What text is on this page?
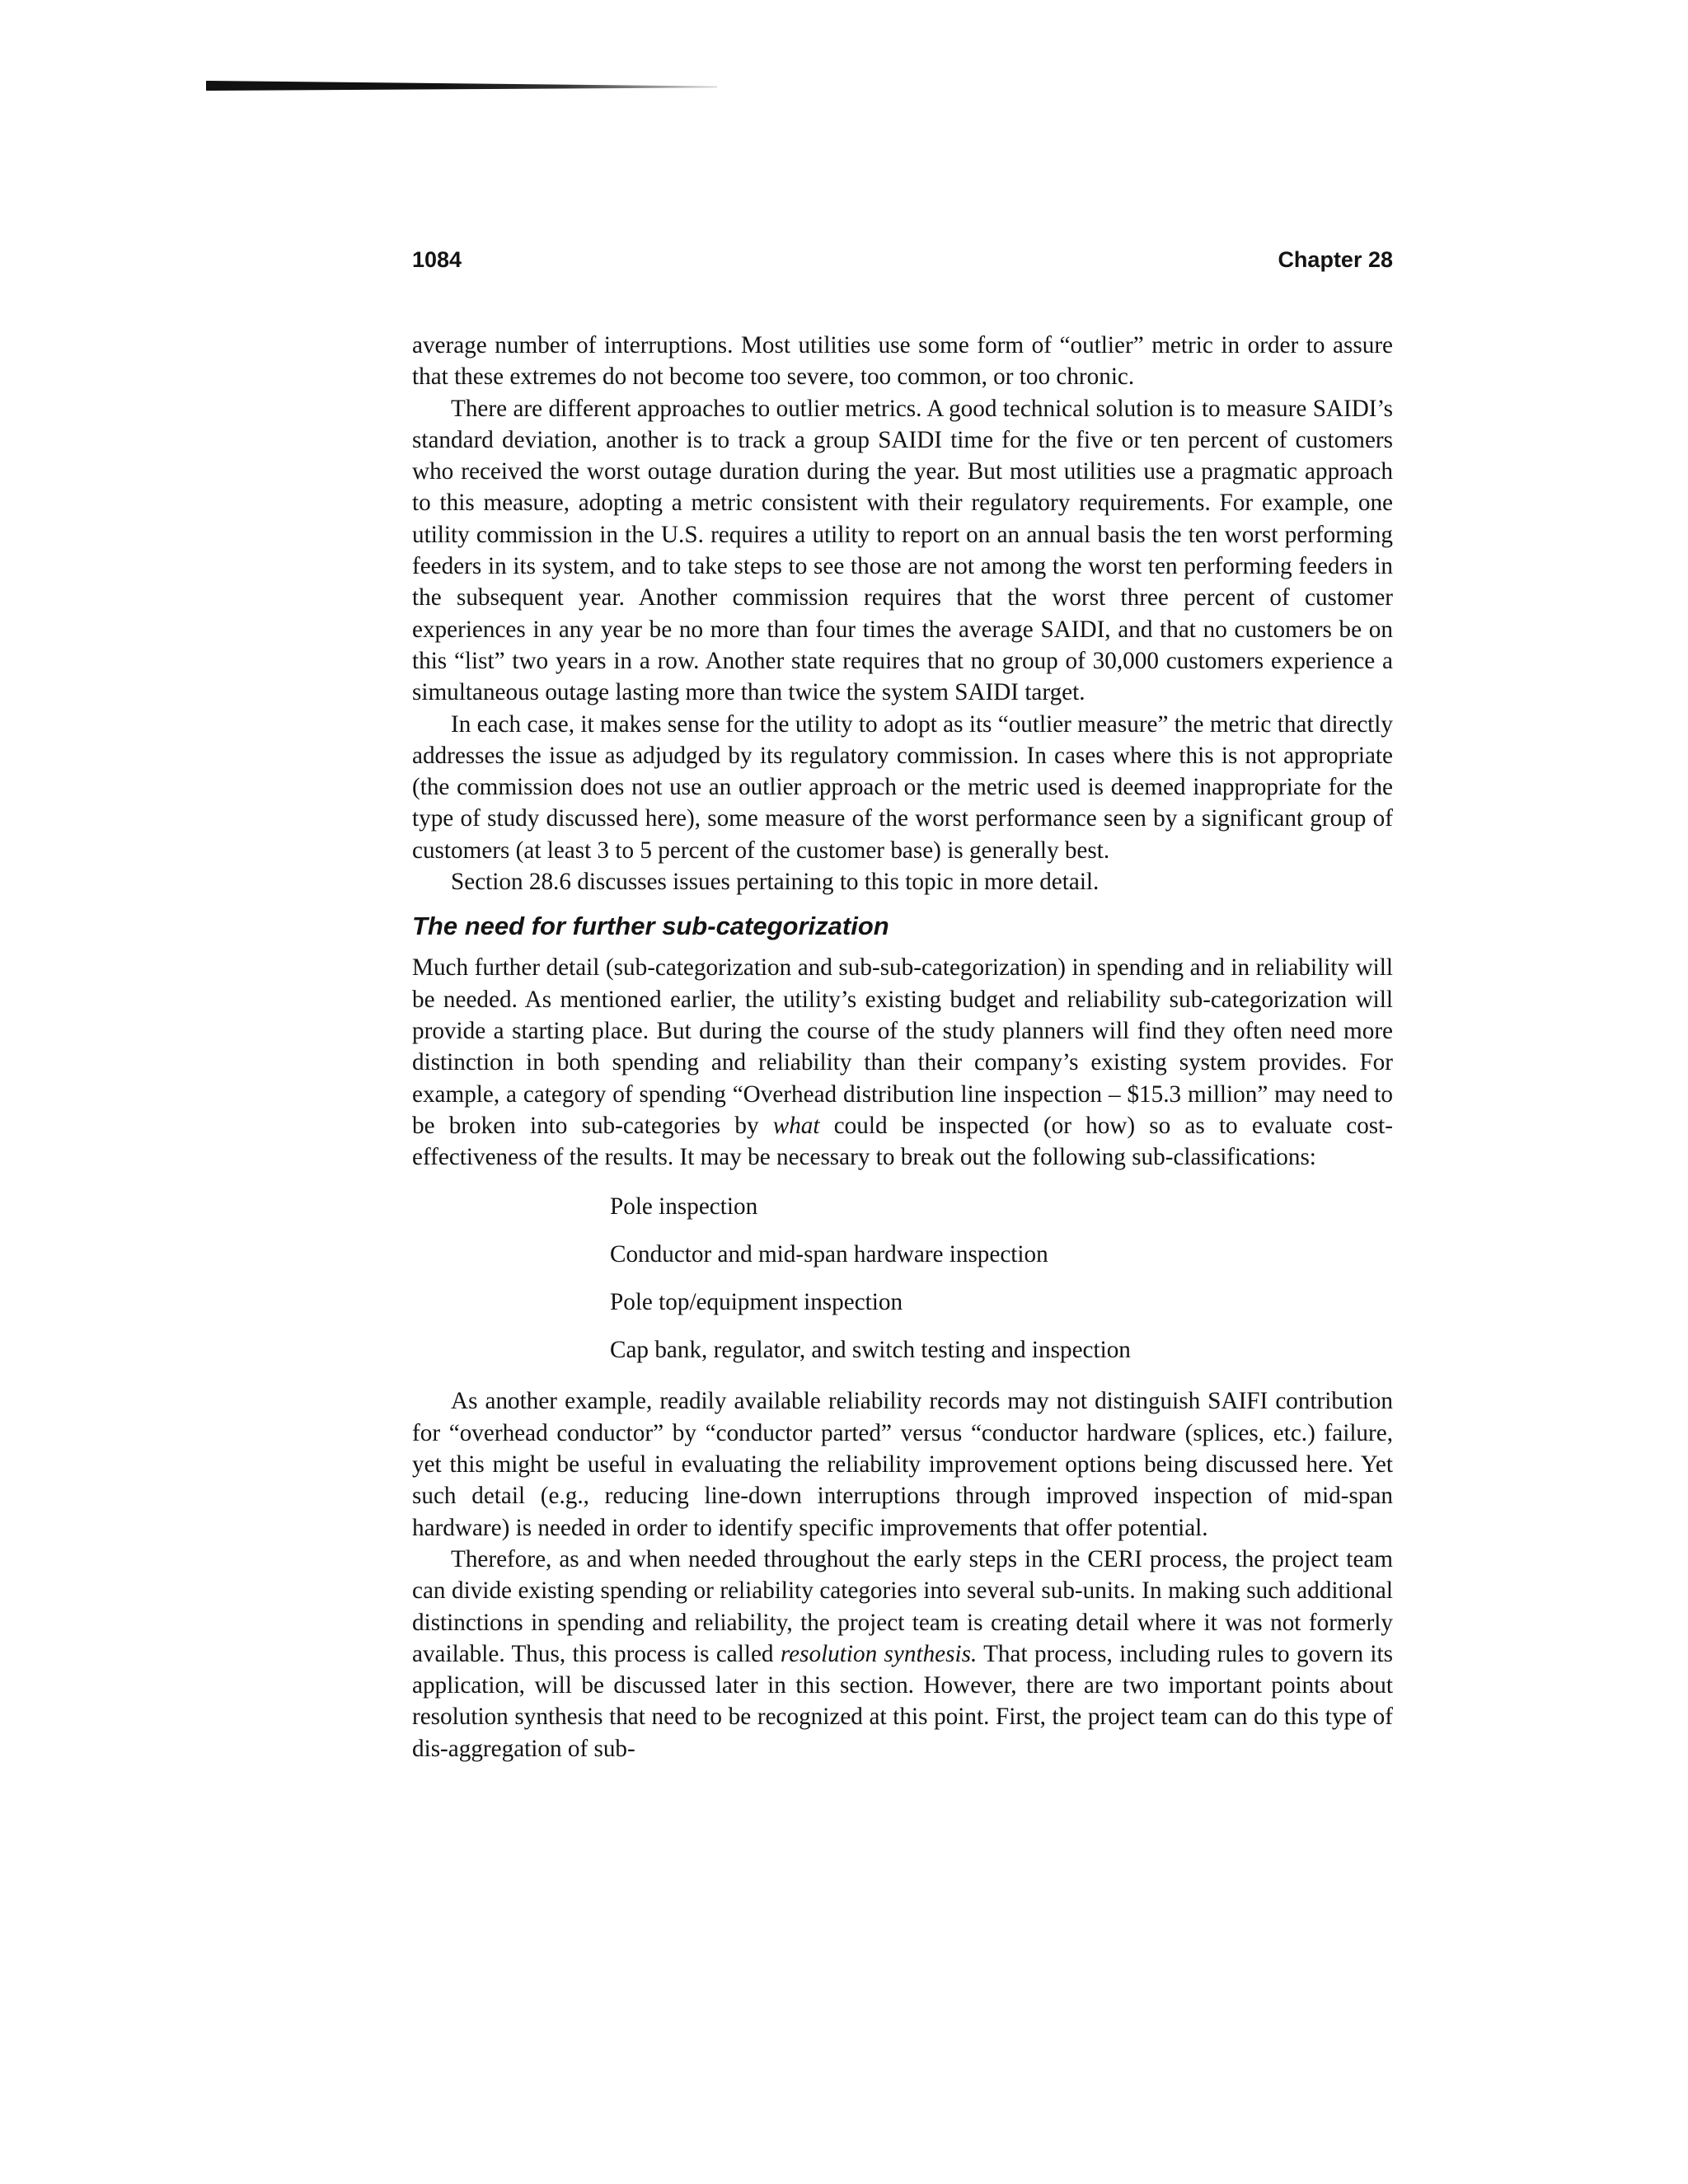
1084	Chapter 28

average number of interruptions. Most utilities use some form of “outlier” metric in order to assure that these extremes do not become too severe, too common, or too chronic.

There are different approaches to outlier metrics. A good technical solution is to measure SAIDI’s standard deviation, another is to track a group SAIDI time for the five or ten percent of customers who received the worst outage duration during the year. But most utilities use a pragmatic approach to this measure, adopting a metric consistent with their regulatory requirements. For example, one utility commission in the U.S. requires a utility to report on an annual basis the ten worst performing feeders in its system, and to take steps to see those are not among the worst ten performing feeders in the subsequent year. Another commission requires that the worst three percent of customer experiences in any year be no more than four times the average SAIDI, and that no customers be on this “list” two years in a row. Another state requires that no group of 30,000 customers experience a simultaneous outage lasting more than twice the system SAIDI target.

In each case, it makes sense for the utility to adopt as its “outlier measure” the metric that directly addresses the issue as adjudged by its regulatory commission. In cases where this is not appropriate (the commission does not use an outlier approach or the metric used is deemed inappropriate for the type of study discussed here), some measure of the worst performance seen by a significant group of customers (at least 3 to 5 percent of the customer base) is generally best.

Section 28.6 discusses issues pertaining to this topic in more detail.

The need for further sub-categorization

Much further detail (sub-categorization and sub-sub-categorization) in spending and in reliability will be needed. As mentioned earlier, the utility’s existing budget and reliability sub-categorization will provide a starting place. But during the course of the study planners will find they often need more distinction in both spending and reliability than their company’s existing system provides. For example, a category of spending “Overhead distribution line inspection – $15.3 million” may need to be broken into sub-categories by what could be inspected (or how) so as to evaluate cost-effectiveness of the results. It may be necessary to break out the following sub-classifications:

Pole inspection
Conductor and mid-span hardware inspection
Pole top/equipment inspection
Cap bank, regulator, and switch testing and inspection

As another example, readily available reliability records may not distinguish SAIFI contribution for “overhead conductor” by “conductor parted” versus “conductor hardware (splices, etc.) failure, yet this might be useful in evaluating the reliability improvement options being discussed here. Yet such detail (e.g., reducing line-down interruptions through improved inspection of mid-span hardware) is needed in order to identify specific improvements that offer potential.

Therefore, as and when needed throughout the early steps in the CERI process, the project team can divide existing spending or reliability categories into several sub-units. In making such additional distinctions in spending and reliability, the project team is creating detail where it was not formerly available. Thus, this process is called resolution synthesis. That process, including rules to govern its application, will be discussed later in this section. However, there are two important points about resolution synthesis that need to be recognized at this point. First, the project team can do this type of dis-aggregation of sub-
